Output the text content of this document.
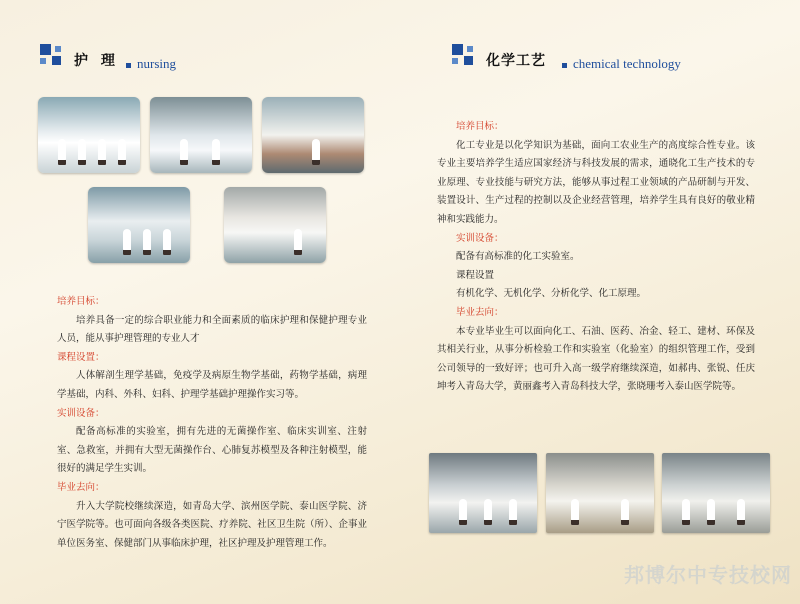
护 理 nursing

培养目标：

培养具备一定的综合职业能力和全面素质的临床护理和保健护理专业人员，能从事护理管理的专业人才

课程设置：

人体解剖生理学基础，免疫学及病原生物学基础，药物学基础，病理学基础，内科、外科、妇科、护理学基础护理操作实习等。

实训设备：

配备高标准的实验室，拥有先进的无菌操作室、临床实训室、注射室、急救室，并拥有大型无菌操作台、心肺复苏模型及各种注射模型，能很好的满足学生实训。

毕业去向：

升入大学院校继续深造，如青岛大学、滨州医学院、泰山医学院、济宁医学院等。也可面向各级各类医院、疗养院、社区卫生院（所）、企事业单位医务室、保健部门从事临床护理，社区护理及护理管理工作。

化学工艺 chemical technology

培养目标：

化工专业是以化学知识为基础，面向工农业生产的高度综合性专业。该专业主要培养学生适应国家经济与科技发展的需求，通晓化工生产技术的专业原理、专业技能与研究方法，能够从事过程工业领域的产品研制与开发、装置设计、生产过程的控制以及企业经营管理，培养学生具有良好的敬业精神和实践能力。

实训设备：

配备有高标准的化工实验室。

课程设置

有机化学、无机化学、分析化学、化工原理。

毕业去向：

本专业毕业生可以面向化工、石油、医药、冶金、轻工、建材、环保及其相关行业，从事分析检验工作和实验室（化验室）的组织管理工作，受到公司领导的一致好评；也可升入高一级学府继续深造，如郝冉、张锐、任庆坤考入青岛大学，黄丽鑫考入青岛科技大学，张晓珊考入泰山医学院等。

邦博尔中专技校网
